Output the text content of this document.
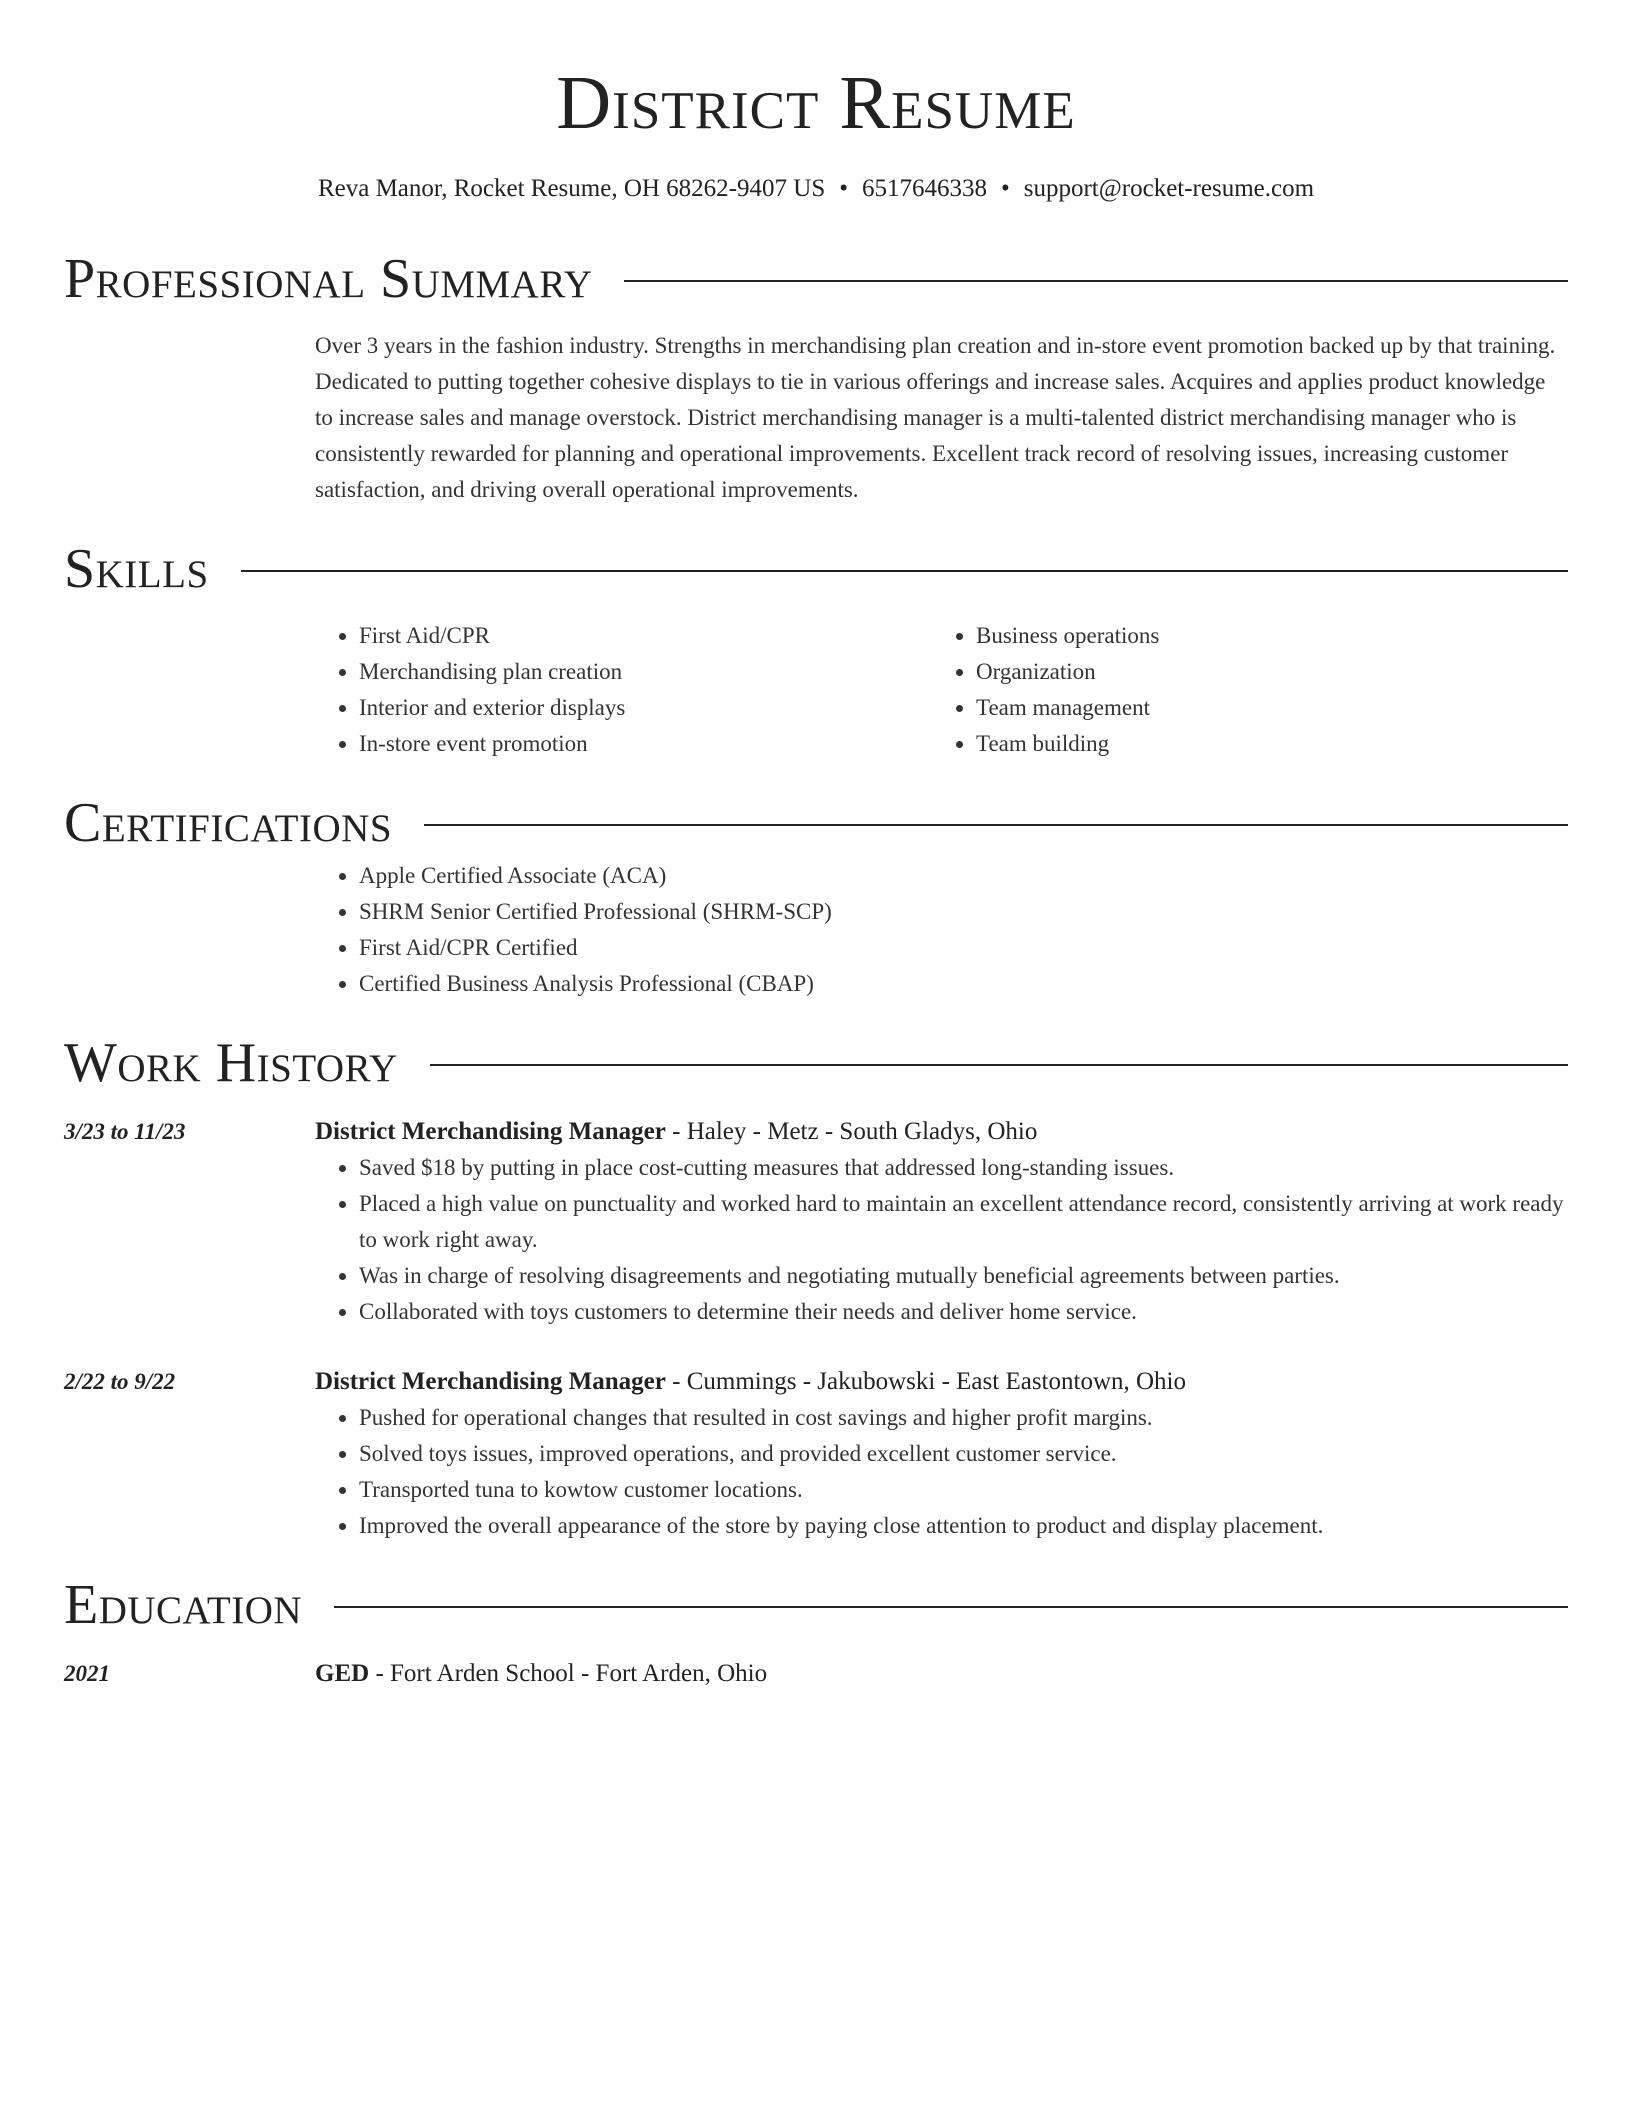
District Resume
Reva Manor, Rocket Resume, OH 68262-9407 US • 6517646338 • support@rocket-resume.com
Professional Summary

Over 3 years in the fashion industry. Strengths in merchandising plan creation and in-store event promotion backed up by that training. Dedicated to putting together cohesive displays to tie in various offerings and increase sales. Acquires and applies product knowledge to increase sales and manage overstock. District merchandising manager is a multi-talented district merchandising manager who is consistently rewarded for planning and operational improvements. Excellent track record of resolving issues, increasing customer satisfaction, and driving overall operational improvements.

Skills
• First Aid/CPR
• Merchandising plan creation
• Interior and exterior displays
• In-store event promotion
• Business operations
• Organization
• Team management
• Team building
Certifications
• Apple Certified Associate (ACA)
• SHRM Senior Certified Professional (SHRM-SCP)
• First Aid/CPR Certified
• Certified Business Analysis Professional (CBAP)
Work History
3/23 to 11/23	District Merchandising Manager - Haley - Metz - South Gladys, Ohio
• Saved $18 by putting in place cost-cutting measures that addressed long-standing issues.
• Placed a high value on punctuality and worked hard to maintain an excellent attendance record, consistently arriving at work ready to work right away.
• Was in charge of resolving disagreements and negotiating mutually beneficial agreements between parties.
• Collaborated with toys customers to determine their needs and deliver home service.
2/22 to 9/22	District Merchandising Manager - Cummings - Jakubowski - East Eastontown, Ohio
• Pushed for operational changes that resulted in cost savings and higher profit margins.
• Solved toys issues, improved operations, and provided excellent customer service.
• Transported tuna to kowtow customer locations.
• Improved the overall appearance of the store by paying close attention to product and display placement.
Education
2021	GED - Fort Arden School - Fort Arden, Ohio
